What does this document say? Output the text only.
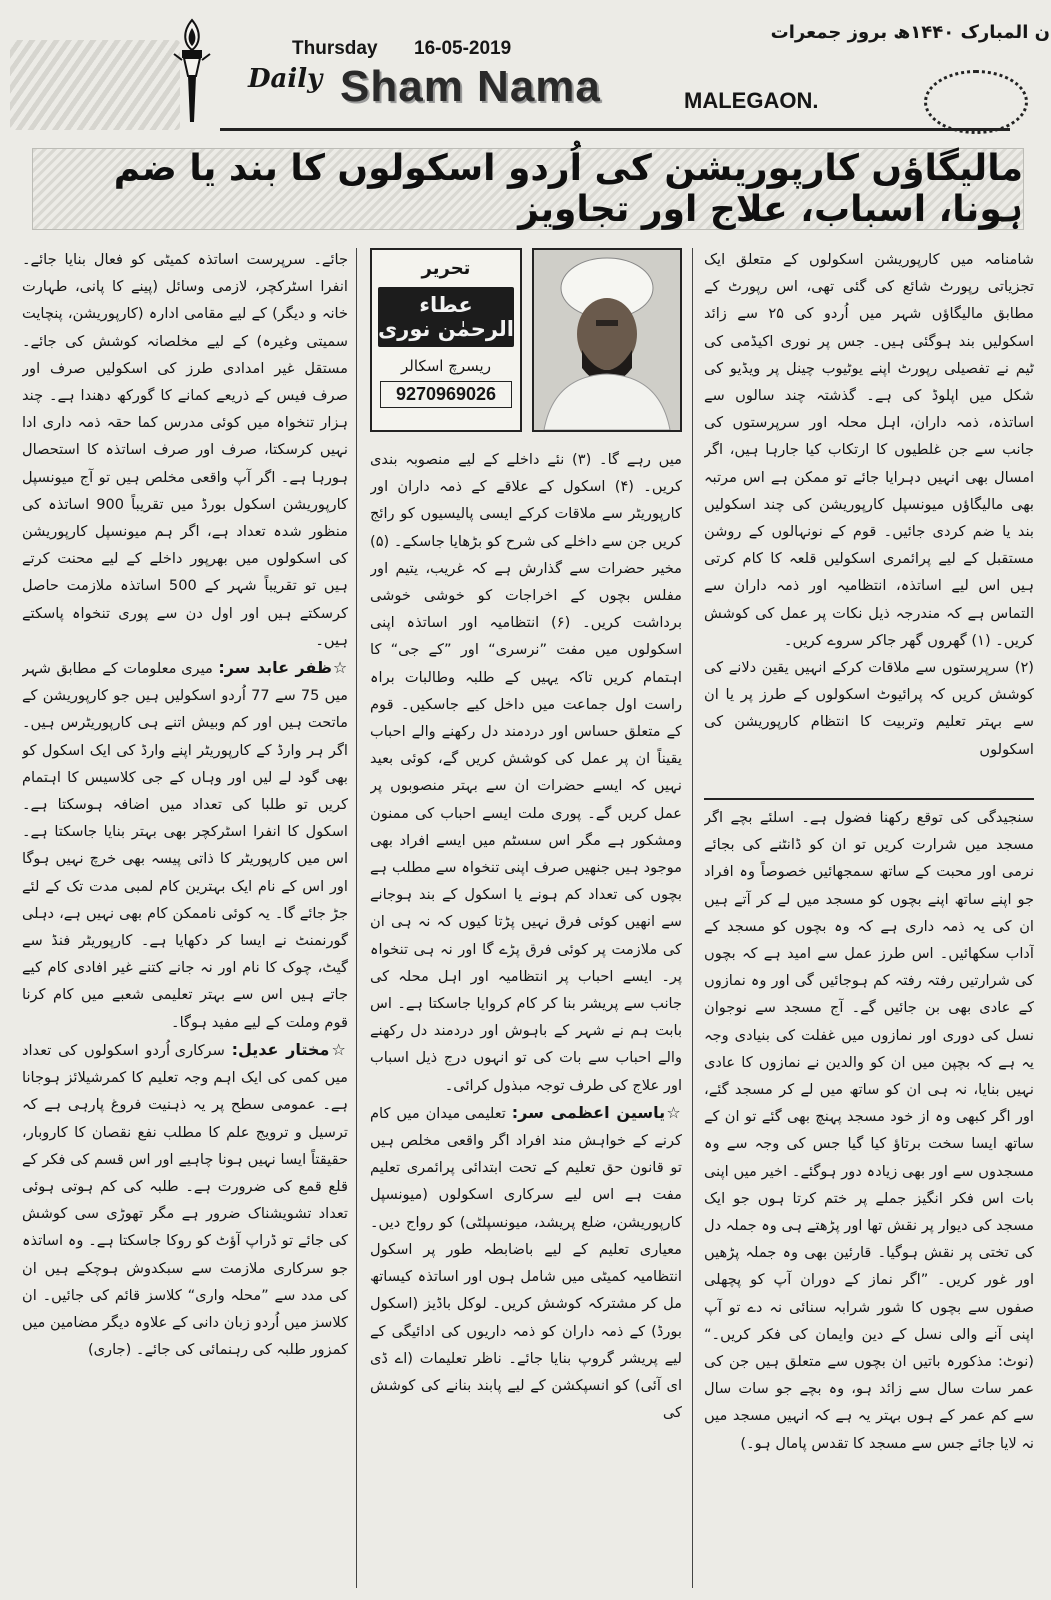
Thursday 16-05-2019
ن المبارک ۱۴۴۰ھ بروز جمعرات
Daily Sham Nama	MALEGAON.
مالیگاؤں کارپوریشن کی اُردو اسکولوں کا بند یا ضم ہونا، اسباب، علاج اور تجاویز
تحریر
عطاء الرحمٰن نوری
ریسرچ اسکالر
9270969026

شامنامہ میں کارپوریشن اسکولوں کے متعلق ایک تجزیاتی رپورٹ شائع کی گئی تھی، اس رپورٹ کے مطابق مالیگاؤں شہر میں اُردو کی ۲۵ سے زائد اسکولیں بند ہوگئی ہیں۔ جس پر نوری اکیڈمی کی ٹیم نے تفصیلی رپورٹ اپنے یوٹیوب چینل پر ویڈیو کی شکل میں اپلوڈ کی ہے۔ گذشتہ چند سالوں سے اساتذہ، ذمہ داران، اہل محلہ اور سرپرستوں کی جانب سے جن غلطیوں کا ارتکاب کیا جارہا ہیں، اگر امسال بھی انہیں دہرایا جائے تو ممکن ہے اس مرتبہ بھی مالیگاؤں میونسپل کارپوریشن کی چند اسکولیں بند یا ضم کردی جائیں۔ قوم کے نونہالوں کے روشن مستقبل کے لیے پرائمری اسکولیں قلعہ کا کام کرتی ہیں اس لیے اساتذہ، انتظامیہ اور ذمہ داران سے التماس ہے کہ مندرجہ ذیل نکات پر عمل کی کوشش کریں۔ (۱) گھروں گھر جاکر سروے کریں۔

(۲) سرپرستوں سے ملاقات کرکے انہیں یقین دلانے کی کوشش کریں کہ پرائیوٹ اسکولوں کے طرز پر یا ان سے بہتر تعلیم وتربیت کا انتظام کارپوریشن کی اسکولوں

سنجیدگی کی توقع رکھنا فضول ہے۔ اسلئے بچے اگر مسجد میں شرارت کریں تو ان کو ڈانٹنے کی بجائے نرمی اور محبت کے ساتھ سمجھائیں خصوصاً وہ افراد جو اپنے ساتھ اپنے بچوں کو مسجد میں لے کر آتے ہیں ان کی یہ ذمہ داری ہے کہ وہ بچوں کو مسجد کے آداب سکھائیں۔ اس طرز عمل سے امید ہے کہ بچوں کی شرارتیں رفتہ رفتہ کم ہوجائیں گی اور وہ نمازوں کے عادی بھی بن جائیں گے۔ آج مسجد سے نوجوان نسل کی دوری اور نمازوں میں غفلت کی بنیادی وجہ یہ ہے کہ بچپن میں ان کو والدین نے نمازوں کا عادی نہیں بنایا، نہ ہی ان کو ساتھ میں لے کر مسجد گئے، اور اگر کبھی وہ از خود مسجد پہنچ بھی گئے تو ان کے ساتھ ایسا سخت برتاؤ کیا گیا جس کی وجہ سے وہ مسجدوں سے اور بھی زیادہ دور ہوگئے۔ اخیر میں اپنی بات اس فکر انگیز جملے پر ختم کرتا ہوں جو ایک مسجد کی دیوار پر نقش تھا اور پڑھتے ہی وہ جملہ دل کی تختی پر نقش ہوگیا۔ قارئین بھی وہ جملہ پڑھیں اور غور کریں۔ ”اگر نماز کے دوران آپ کو پچھلی صفوں سے بچوں کا شور شرابہ سنائی نہ دے تو آپ اپنی آنے والی نسل کے دین وایمان کی فکر کریں۔“ (نوٹ: مذکورہ باتیں ان بچوں سے متعلق ہیں جن کی عمر سات سال سے زائد ہو، وہ بچے جو سات سال سے کم عمر کے ہوں بہتر یہ ہے کہ انہیں مسجد میں نہ لایا جائے جس سے مسجد کا تقدس پامال ہو۔)

میں رہے گا۔ (۳) نئے داخلے کے لیے منصوبہ بندی کریں۔ (۴) اسکول کے علاقے کے ذمہ داران اور کارپوریٹر سے ملاقات کرکے ایسی پالیسیوں کو رائج کریں جن سے داخلے کی شرح کو بڑھایا جاسکے۔ (۵) مخیر حضرات سے گذارش ہے کہ غریب، یتیم اور مفلس بچوں کے اخراجات کو خوشی خوشی برداشت کریں۔ (۶) انتظامیہ اور اساتذہ اپنی اسکولوں میں مفت ”نرسری“ اور ”کے جی“ کا اہتمام کریں تاکہ یہیں کے طلبہ وطالبات براہ راست اول جماعت میں داخل کیے جاسکیں۔ قوم کے متعلق حساس اور دردمند دل رکھنے والے احباب یقیناً ان پر عمل کی کوشش کریں گے، کوئی بعید نہیں کہ ایسے حضرات ان سے بہتر منصوبوں پر عمل کریں گے۔ پوری ملت ایسے احباب کی ممنون ومشکور ہے مگر اس سسٹم میں ایسے افراد بھی موجود ہیں جنھیں صرف اپنی تنخواہ سے مطلب ہے بچوں کی تعداد کم ہونے یا اسکول کے بند ہوجانے سے انھیں کوئی فرق نہیں پڑتا کیوں کہ نہ ہی ان کی ملازمت پر کوئی فرق پڑے گا اور نہ ہی تنخواہ پر۔ ایسے احباب پر انتظامیہ اور اہل محلہ کی جانب سے پریشر بنا کر کام کروایا جاسکتا ہے۔ اس بابت ہم نے شہر کے باہوش اور دردمند دل رکھنے والے احباب سے بات کی تو انہوں درج ذیل اسباب اور علاج کی طرف توجہ مبذول کرائی۔

☆یاسین اعظمی سر: تعلیمی میدان میں کام کرنے کے خواہش مند افراد اگر واقعی مخلص ہیں تو قانون حق تعلیم کے تحت ابتدائی پرائمری تعلیم مفت ہے اس لیے سرکاری اسکولوں (میونسپل کارپوریشن، ضلع پریشد، میونسپلٹی) کو رواج دیں۔ معیاری تعلیم کے لیے باضابطہ طور پر اسکول انتظامیہ کمیٹی میں شامل ہوں اور اساتذہ کیساتھ مل کر مشترکہ کوشش کریں۔ لوکل باڈیز (اسکول بورڈ) کے ذمہ داران کو ذمہ داریوں کی ادائیگی کے لیے پریشر گروپ بنایا جائے۔ ناظر تعلیمات (اے ڈی ای آئی) کو انسپکشن کے لیے پابند بنانے کی کوشش کی

جائے۔ سرپرست اساتذہ کمیٹی کو فعال بنایا جائے۔ انفرا اسٹرکچر، لازمی وسائل (پینے کا پانی، طہارت خانہ و دیگر) کے لیے مقامی ادارہ (کارپوریشن، پنچایت سمیتی وغیرہ) کے لیے مخلصانہ کوشش کی جائے۔ مستقل غیر امدادی طرز کی اسکولیں صرف اور صرف فیس کے ذریعے کمانے کا گورکھ دھندا ہے۔ چند ہزار تنخواہ میں کوئی مدرس کما حقہ ذمہ داری ادا نہیں کرسکتا، صرف اور صرف اساتذہ کا استحصال ہورہا ہے۔ اگر آپ واقعی مخلص ہیں تو آج میونسپل کارپوریشن اسکول بورڈ میں تقریباً 900 اساتذہ کی منظور شدہ تعداد ہے، اگر ہم میونسپل کارپوریشن کی اسکولوں میں بھرپور داخلے کے لیے محنت کرتے ہیں تو تقریباً شہر کے 500 اساتذہ ملازمت حاصل کرسکتے ہیں اور اول دن سے پوری تنخواہ پاسکتے ہیں۔

☆ظفر عابد سر: میری معلومات کے مطابق شہر میں 75 سے 77 اُردو اسکولیں ہیں جو کارپوریشن کے ماتحت ہیں اور کم وبیش اتنے ہی کارپوریٹرس ہیں۔ اگر ہر وارڈ کے کارپوریٹر اپنے وارڈ کی ایک اسکول کو بھی گود لے لیں اور وہاں کے جی کلاسیس کا اہتمام کریں تو طلبا کی تعداد میں اضافہ ہوسکتا ہے۔ اسکول کا انفرا اسٹرکچر بھی بہتر بنایا جاسکتا ہے۔ اس میں کارپوریٹر کا ذاتی پیسہ بھی خرچ نہیں ہوگا اور اس کے نام ایک بہترین کام لمبی مدت تک کے لئے جڑ جائے گا۔ یہ کوئی ناممکن کام بھی نہیں ہے، دہلی گورنمنٹ نے ایسا کر دکھایا ہے۔ کارپوریٹر فنڈ سے گیٹ، چوک کا نام اور نہ جانے کتنے غیر افادی کام کیے جاتے ہیں اس سے بہتر تعلیمی شعبے میں کام کرنا قوم وملت کے لیے مفید ہوگا۔

☆مختار عدیل: سرکاری اُردو اسکولوں کی تعداد میں کمی کی ایک اہم وجہ تعلیم کا کمرشیلائز ہوجانا ہے۔ عمومی سطح پر یہ ذہنیت فروغ پارہی ہے کہ ترسیل و ترویج علم کا مطلب نفع نقصان کا کاروبار، حقیقتاً ایسا نہیں ہونا چاہیے اور اس قسم کی فکر کے قلع قمع کی ضرورت ہے۔ طلبہ کی کم ہوتی ہوئی تعداد تشویشناک ضرور ہے مگر تھوڑی سی کوشش کی جائے تو ڈراپ آؤٹ کو روکا جاسکتا ہے۔ وہ اساتذہ جو سرکاری ملازمت سے سبکدوش ہوچکے ہیں ان کی مدد سے ”محلہ واری“ کلاسز قائم کی جائیں۔ ان کلاسز میں اُردو زبان دانی کے علاوہ دیگر مضامین میں کمزور طلبہ کی رہنمائی کی جائے۔ (جاری)
